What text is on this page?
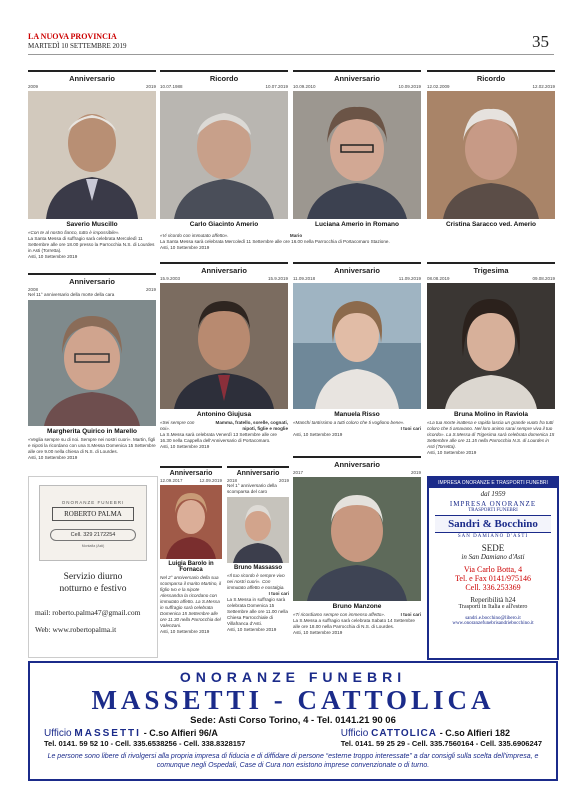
LA NUOVA PROVINCIA
MARTEDÌ 10 SETTEMBRE 2019	35
Anniversario
2009	2019
Saverio Muscillo
«Con te al nostro fianco, tutto è impossibile».
La Santa Messa di suffragio sarà celebrata Mercoledì 11 Settembre alle ore 18.00 presso la Parrocchia N.S. di Lourdes in Asti (Torretta).
Asti, 10 Settembre 2019
Ricordo
10.07.1988	10.07.2019
Carlo Giacinto Amerio
«Vi ricordo con immutato affetto».	Mario
La Santa Messa sarà celebrata Mercoledì 11 Settembre alle ore 16.00 nella Parrocchia di Portacomaro Stazione.
Asti, 10 Settembre 2019
Anniversario
10.09.2010	10.09.2019
Luciana Amerio in Romano
Ricordo
12.02.2009	12.02.2019
Cristina Saracco ved. Amerio
Anniversario
2008	2019
Nel 11° anniversario della morte della cara
Margherita Quirico in Marello
«Veglia sempre su di noi. Sempre nei nostri cuori». Martin, figli e nipoti la ricordano con una S.Messa Domenica 15 Settembre alle ore 9.00 nella chiesa di N.S. di Lourdes.
Asti, 10 Settembre 2019
Anniversario
15.9.2003	15.9.2019
Antonino Giujusa
«Sei sempre con noi».
Mamma, fratello, sorelle, cognati, nipoti, figlie e moglie
La S.Messa sarà celebrata Venerdì 13 Settembre alle ore 16.30 nella Cappella dell'Anniversario di Portacomaro.
Asti, 10 Settembre 2019
Anniversario
11.09.2018	11.09.2019
Manuela Risso
«Manchi tantissimo a tutti coloro che ti vogliono bene».
I tuoi cari
Asti, 10 Settembre 2019
Trigesima
08.08.2019	09.08.2019
Bruna Molino in Raviola
«La tua morte inattesa e rapida lascia un grande vuoto fra tutti coloro che ti amavano. Nel loro animo sarai sempre viva il tuo ricordo». La S.Messa di Trigesima sarà celebrata domenica 15 Settembre alle ore 11.15 nella Parrocchia N.S. di Lourdes in Asti (Torretta).
Asti, 10 Settembre 2019
ONORANZE FUNEBRI
ROBERTO PALMA
Cell. 329 2172254
Montafia (Asti)
Servizio diurno
notturno e festivo
mail: roberto.palma47@gmail.com
Web: www.robertopalma.it
Anniversario
12.09.2017	12.09.2019
Luigia Barolo in Fornaca
Nel 2° anniversario della sua scomparsa il marito Martino, il figlio Ivo e la nipote Alessandra la ricordano con immutato affetto. La S.Messa in suffragio sarà celebrata Domenica 15 Settembre alle ore 11.30 nella Parrocchia del Valenzani.
Asti, 10 Settembre 2019
Anniversario
2018	2019
Nel 1° anniversario della scomparsa del caro
Bruno Massasso
«Il tuo ricordo è sempre vivo nei nostri cuori». Con immutato affetto e nostalgia.
I tuoi cari
La S.Messa in suffragio sarà celebrata Domenica 15 Settembre alle ore 11.00 nella Chiesa Parrocchiale di Villafranca d'Asti.
Asti, 10 Settembre 2019
Anniversario
2017	2019
Bruno Manzone
«Ti ricordiamo sempre con immenso affetto».	I tuoi cari
La S.Messa a suffragio sarà celebrata Sabato 14 Settembre alle ore 18.00 nella Parrocchia di N.S. di Lourdes.
Asti, 10 Settembre 2019
IMPRESA ONORANZE E TRASPORTI FUNEBRI
dal 1959
IMPRESA ONORANZE
TRASPORTI FUNEBRI
Sandri & Bocchino
SAN DAMIANO D'ASTI
SEDE
in San Damiano d'Asti
Via Carlo Botta, 4
Tel. e Fax 0141/975146
Cell. 336.253369
Reperibilità h24
Trasporti in Italia e all'estero
sandri.e.bocchino@libero.it
www.onoranzefunebrisandriebocchino.it
ONORANZE FUNEBRI
MASSETTI - CATTOLICA
Sede: Asti Corso Torino, 4 - Tel. 0141.21 90 06
Ufficio MASSETTI - C.so Alfieri 96/A
Tel. 0141. 59 52 10 - Cell. 335.6538256 - Cell. 338.8328157
Ufficio CATTOLICA - C.so Alfieri 182
Tel. 0141. 59 25 29 - Cell. 335.7560164 - Cell. 335.6906247
Le persone sono libere di rivolgersi alla propria impresa di fiducia e di diffidare di persone “esterne troppo interessate” a dar consigli sulla scelta dell'impresa, e comunque negli Ospedali, Case di Cura non esistono imprese convenzionate o di turno.
